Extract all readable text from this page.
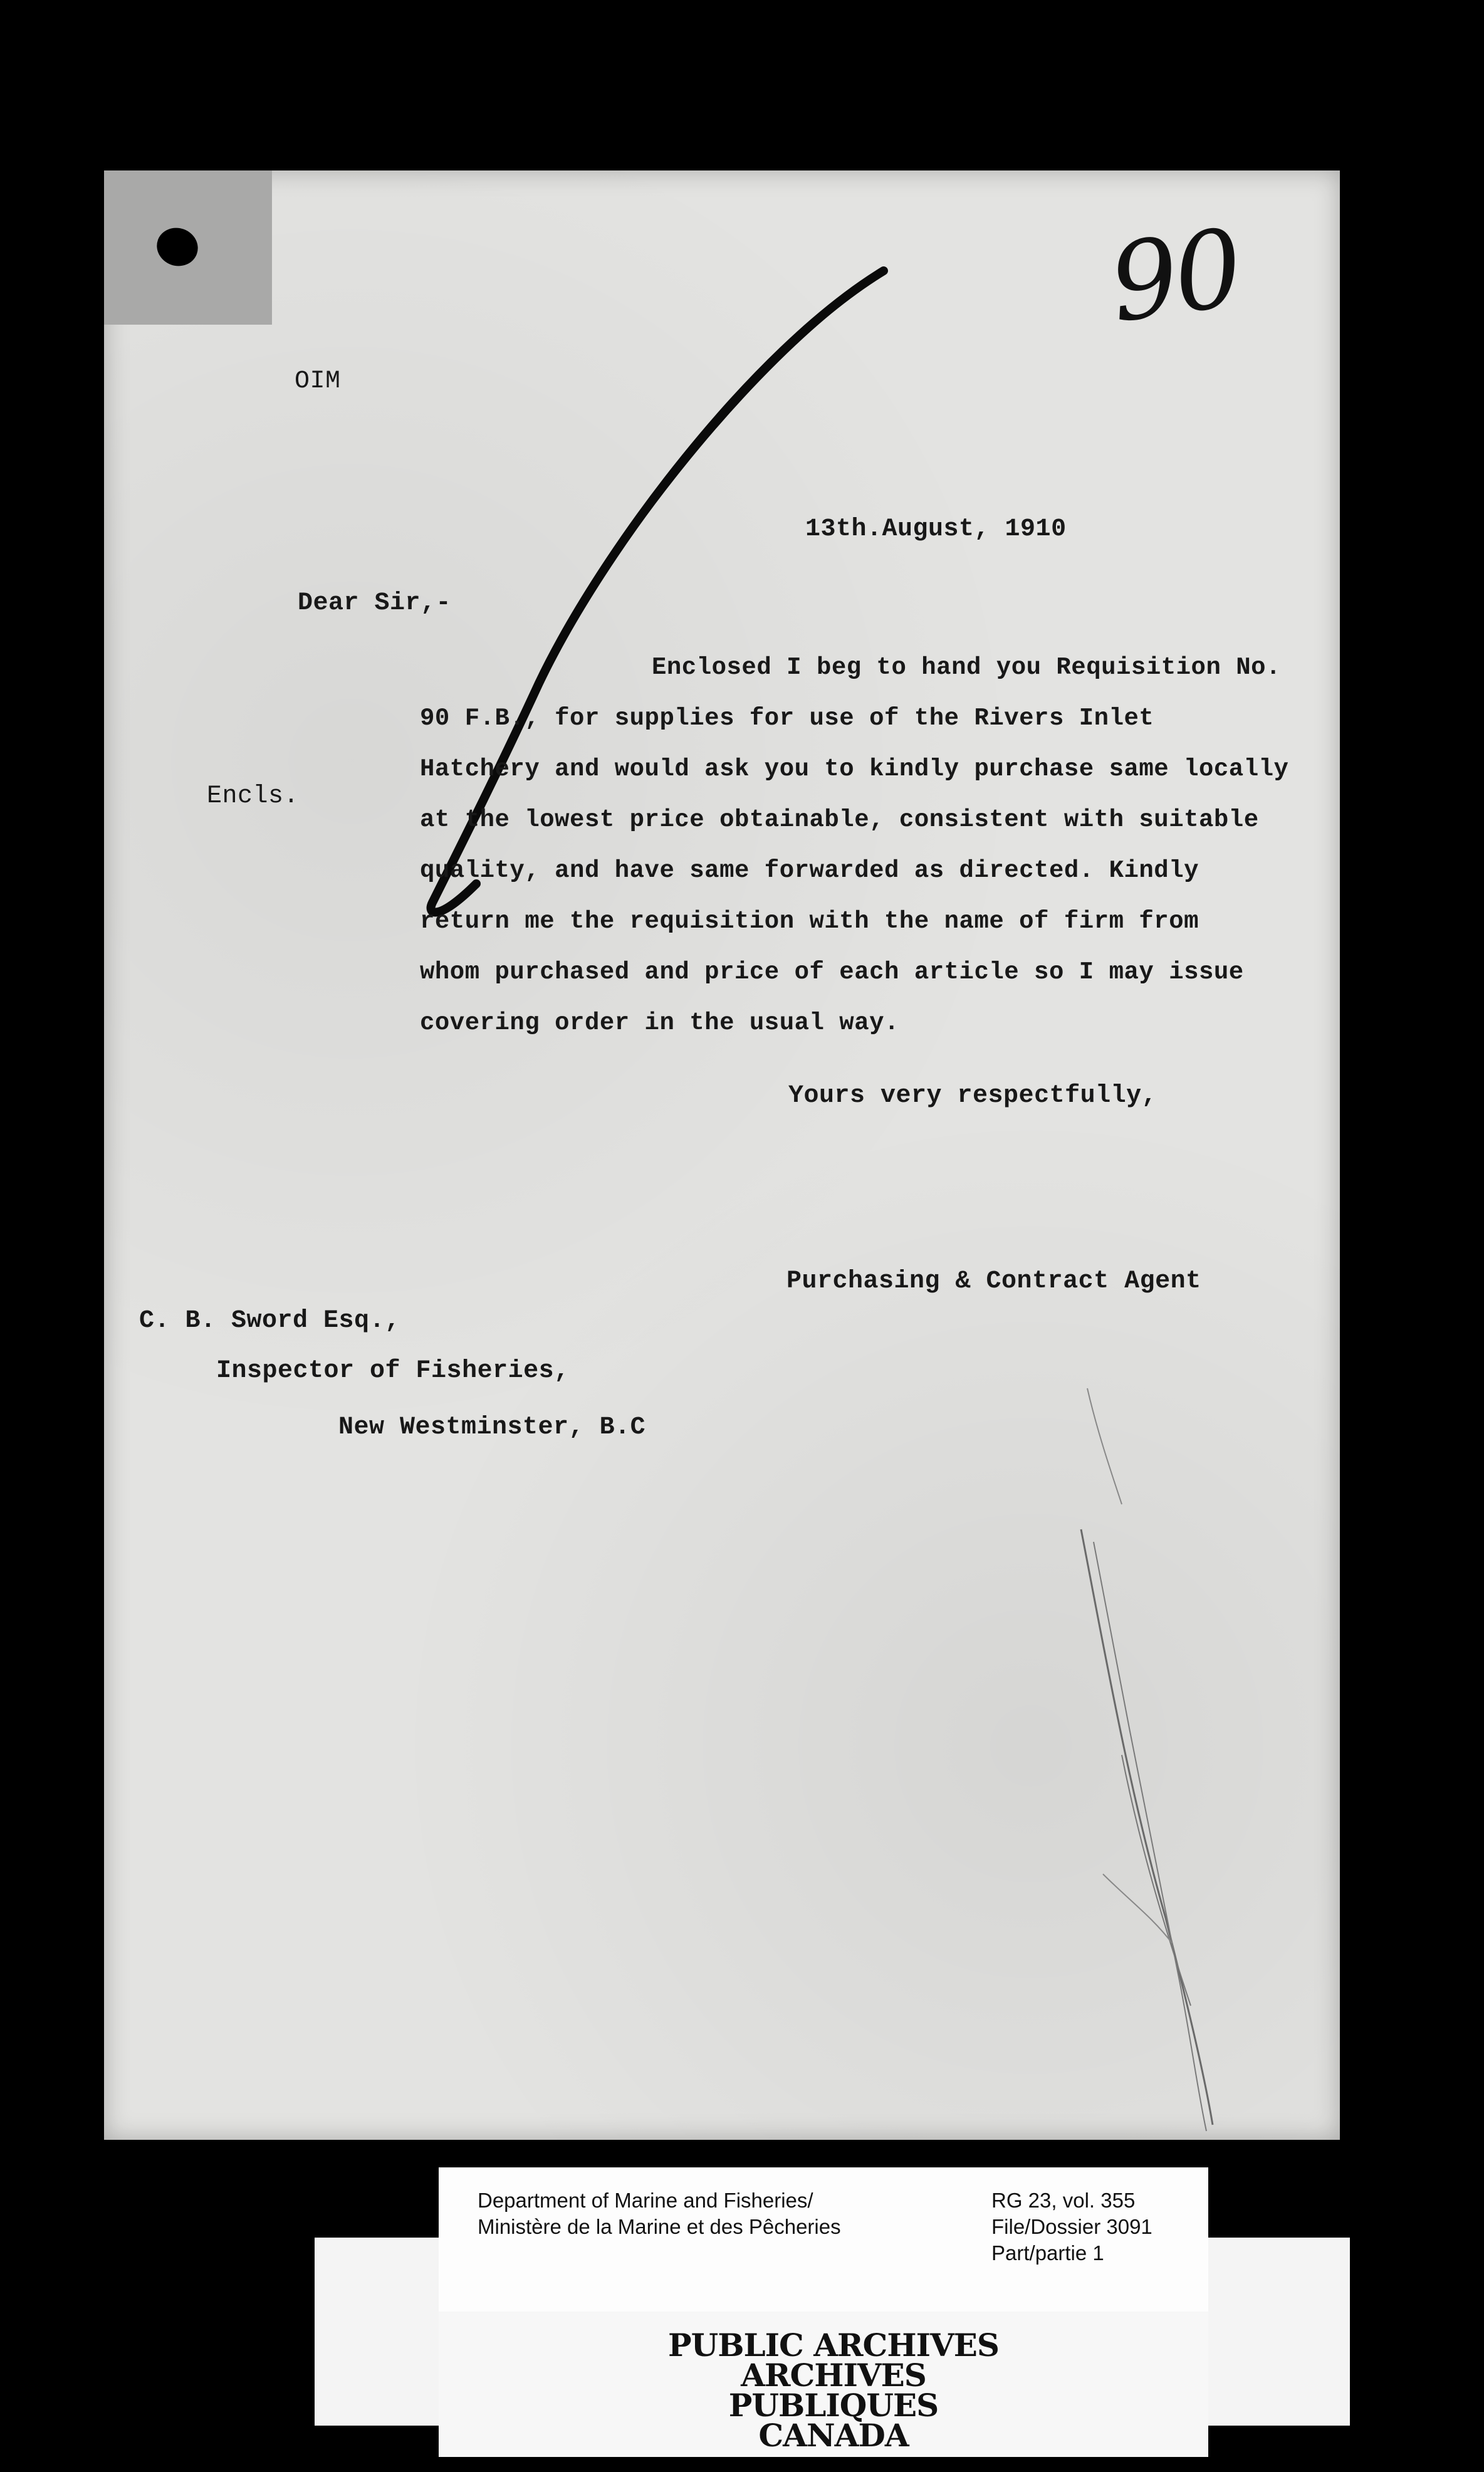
90
OIM
13th.August, 1910
Dear Sir,-
Encls.
Enclosed I beg to hand you Requisition No.
90 F.B., for supplies for use of the Rivers Inlet
Hatchery and would ask you to kindly purchase same locally
at the lowest price obtainable, consistent with suitable
quality, and have same forwarded as directed. Kindly
return me the requisition with the name of firm from
whom purchased and price of each article so I may issue
covering order in the usual way.
Yours very respectfully,
Purchasing & Contract Agent
C. B. Sword Esq.,
Inspector of Fisheries,
New Westminster, B.C
Department of Marine and Fisheries/
Ministère de la Marine et des Pêcheries
RG 23, vol. 355
File/Dossier 3091
Part/partie 1
PUBLIC ARCHIVES
ARCHIVES PUBLIQUES
CANADA
